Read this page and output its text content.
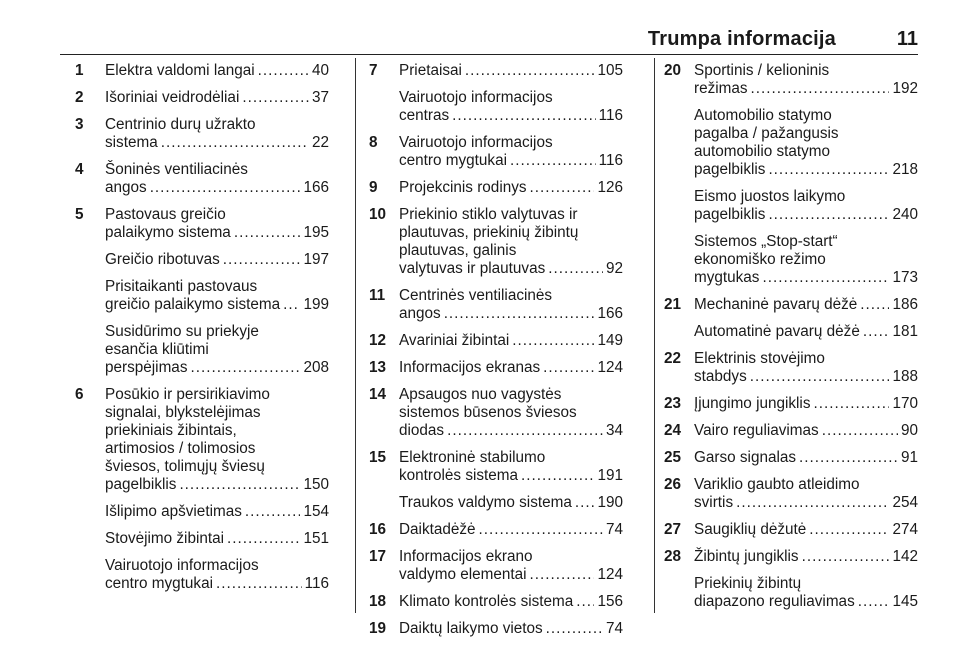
Trumpa informacija	11
1 Elektra valdomi langai .....	40
2 Išoriniai veidrodėliai .....	37
3 Centrinio durų užrakto
sistema .....	22
4 Šoninės ventiliacinės
angos .....	166
5 Pastovaus greičio
palaikymo sistema .....	195
Greičio ribotuvas .....	197
Prisitaikanti pastovaus
greičio palaikymo sistema ..... 199
Susidūrimo su priekyje
esančia kliūtimi
perspėjimas .....	208
6 Posūkio ir persirikiavimo
signalai, blykstelėjimas
priekiniais žibintais,
artimosios / tolimosios
šviesos, tolimųjų šviesų
pagelbiklis .....	150
Išlipimo apšvietimas .....	154
Stovėjimo žibintai .....	151
Vairuotojo informacijos
centro mygtukai .....	116
7 Prietaisai .....	105
Vairuotojo informacijos
centras .....	116
8 Vairuotojo informacijos
centro mygtukai .....	116
9 Projekcinis rodinys .....	126
10 Priekinio stiklo valytuvas ir
plautuvas, priekinių žibintų
plautuvas, galinis
valytuvas ir plautuvas .....	92
11 Centrinės ventiliacinės
angos .....	166
12 Avariniai žibintai .....	149
13 Informacijos ekranas .....	124
14 Apsaugos nuo vagystės
sistemos būsenos šviesos
diodas .....	34
15 Elektroninė stabilumo
kontrolės sistema .....	191
Traukos valdymo sistema ..... 190
16 Daiktadėžė .....	74
17 Informacijos ekrano
valdymo elementai .....	124
18 Klimato kontrolės sistema ..... 156
19 Daiktų laikymo vietos .....	74
20 Sportinis / kelioninis
režimas .....	192
Automobilio statymo
pagalba / pažangusis
automobilio statymo
pagelbiklis .....	218
Eismo juostos laikymo
pagelbiklis .....	240
Sistemos „Stop-start“
ekonomiško režimo
mygtukas .....	173
21 Mechaninė pavarų dėžė ..... 186
Automatinė pavarų dėžė ..... 181
22 Elektrinis stovėjimo
stabdys .....	188
23 Įjungimo jungiklis .....	170
24 Vairo reguliavimas .....	90
25 Garso signalas .....	91
26 Variklio gaubto atleidimo
svirtis .....	254
27 Saugiklių dėžutė .....	274
28 Žibintų jungiklis .....	142
Priekinių žibintų
diapazono reguliavimas ..... 145
